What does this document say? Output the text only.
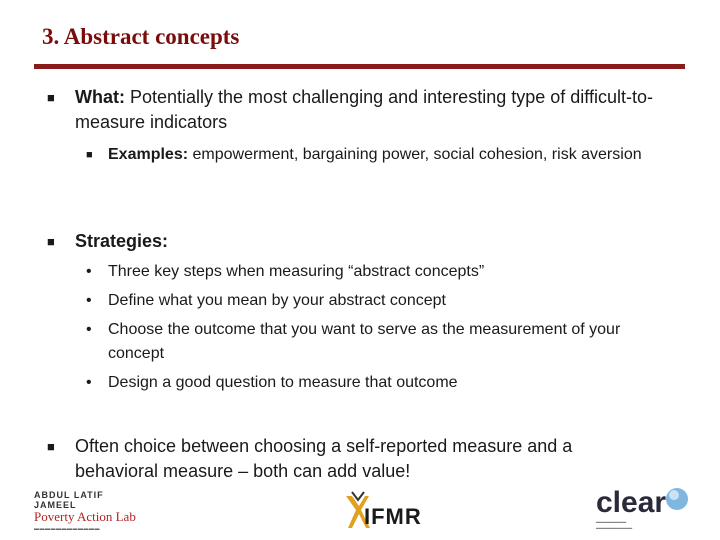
3. Abstract concepts
■ What: Potentially the most challenging and interesting type of difficult-to-measure indicators
■ Examples: empowerment, bargaining power, social cohesion, risk aversion
■ Strategies:
• Three key steps when measuring “abstract concepts”
• Define what you mean by your abstract concept
• Choose the outcome that you want to serve as the measurement of your concept
• Design a good question to measure that outcome
■ Often choice between choosing a self-reported measure and a behavioral measure – both can add value!
ABDUL LATIF JAMEEL
Poverty Action Lab
▬▬▬▬▬▬▬▬▬▬▬▬	IFMR	clear
━━━━━━━━━━
━━━━━━━━━━━━
